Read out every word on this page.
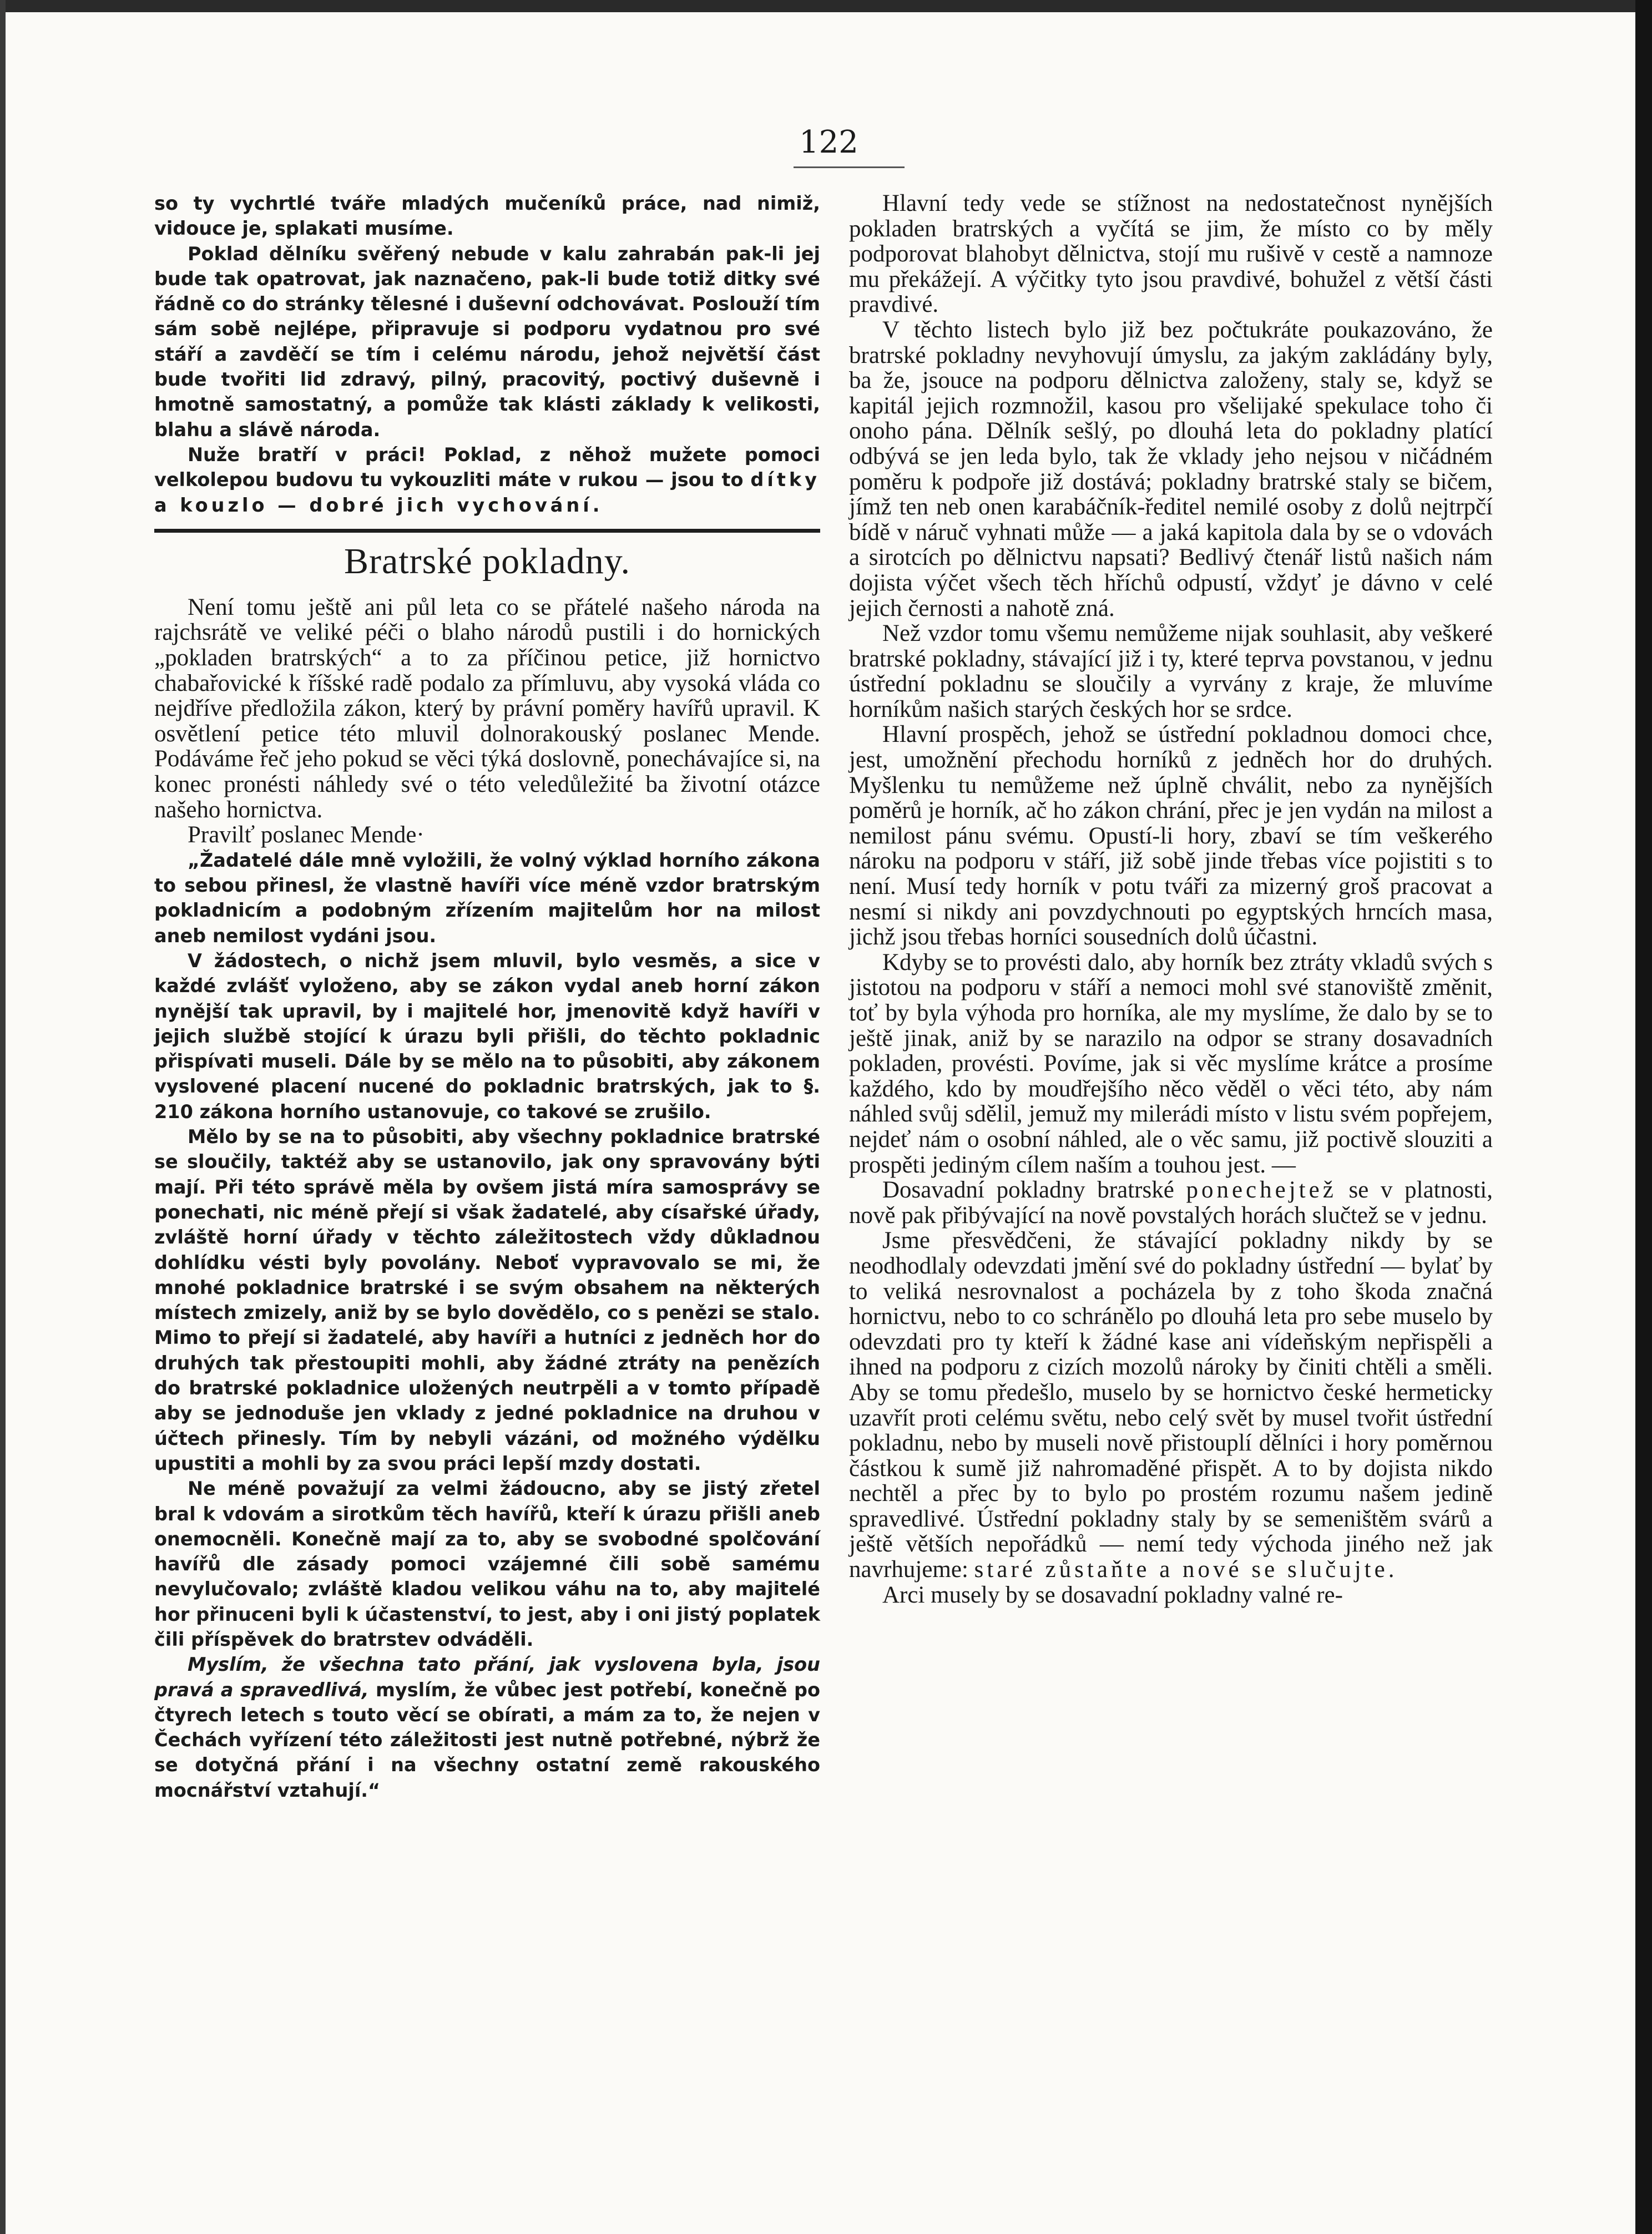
122

so ty vychrtlé tváře mladých mučeníků práce, nad nimiž, vidouce je, splakati musíme.

Poklad dělníku svěřený nebude v kalu zahrabán pak-li jej bude tak opatrovat, jak naznačeno, pak-li bude totiž ditky své řádně co do stránky tělesné i duševní odchovávat. Poslouží tím sám sobě nejlépe, připravuje si podporu vydatnou pro své stáří a zavděčí se tím i celému národu, jehož největší část bude tvořiti lid zdravý, pilný, pracovitý, poctivý duševně i hmotně samostatný, a pomůže tak klásti základy k velikosti, blahu a slávě národa.

Nuže bratří v práci! Poklad, z něhož mužete pomoci velkolepou budovu tu vykouzliti máte v rukou — jsou to dítky a kouzlo — dobré jich vychování.

Bratrské pokladny.

Není tomu ještě ani půl leta co se přátelé našeho národa na rajchsrátě ve veliké péči o blaho národů pustili i do hornických „pokladen bratrských“ a to za příčinou petice, již hornictvo chabařovické k říšské radě podalo za přímluvu, aby vysoká vláda co nejdříve předložila zákon, který by právní poměry havířů upravil. K osvětlení petice této mluvil dolnorakouský poslanec Mende. Podáváme řeč jeho pokud se věci týká doslovně, ponechávajíce si, na konec pronésti náhledy své o této veledůležité ba životní otázce našeho hornictva.

Pravilť poslanec Mende·

„Žadatelé dále mně vyložili, že volný výklad horního zákona to sebou přinesl, že vlastně havíři více méně vzdor bratrským pokladnicím a podobným zřízením majitelům hor na milost aneb nemilost vydáni jsou.

V žádostech, o nichž jsem mluvil, bylo vesměs, a sice v každé zvlášť vyloženo, aby se zákon vydal aneb horní zákon nynější tak upravil, by i majitelé hor, jmenovitě když havíři v jejich službě stojící k úrazu byli přišli, do těchto pokladnic přispívati museli. Dále by se mělo na to působiti, aby zákonem vyslovené placení nucené do pokladnic bratrských, jak to §. 210 zákona horního ustanovuje, co takové se zrušilo.

Mělo by se na to působiti, aby všechny pokladnice bratrské se sloučily, taktéž aby se ustanovilo, jak ony spravovány býti mají. Při této správě měla by ovšem jistá míra samosprávy se ponechati, nic méně přejí si však žadatelé, aby císařské úřady, zvláště horní úřady v těchto záležitostech vždy důkladnou dohlídku vésti byly povolány. Neboť vypravovalo se mi, že mnohé pokladnice bratrské i se svým obsahem na některých místech zmizely, aniž by se bylo dovědělo, co s penězi se stalo. Mimo to přejí si žadatelé, aby havíři a hutníci z jedněch hor do druhých tak přestoupiti mohli, aby žádné ztráty na penězích do bratrské pokladnice uložených neutrpěli a v tomto případě aby se jednoduše jen vklady z jedné pokladnice na druhou v účtech přinesly. Tím by nebyli vázáni, od možného výdělku upustiti a mohli by za svou práci lepší mzdy dostati.

Ne méně považují za velmi žádoucno, aby se jistý zřetel bral k vdovám a sirotkům těch havířů, kteří k úrazu přišli aneb onemocněli. Konečně mají za to, aby se svobodné spolčování havířů dle zásady pomoci vzájemné čili sobě samému nevylučovalo; zvláště kladou velikou váhu na to, aby majitelé hor přinuceni byli k účastenství, to jest, aby i oni jistý poplatek čili příspěvek do bratrstev odváděli.

Myslím, že všechna tato přání, jak vyslovena byla, jsou pravá a spravedlivá, myslím, že vůbec jest potřebí, konečně po čtyrech letech s touto věcí se obírati, a mám za to, že nejen v Čechách vyřízení této záležitosti jest nutně potřebné, nýbrž že se dotyčná přání i na všechny ostatní země rakouského mocnářství vztahují.“

Hlavní tedy vede se stížnost na nedostatečnost nynějších pokladen bratrských a vyčítá se jim, že místo co by měly podporovat blahobyt dělnictva, stojí mu rušivě v cestě a namnoze mu překážejí. A výčitky tyto jsou pravdivé, bohužel z větší části pravdivé.

V těchto listech bylo již bez počtukráte poukazováno, že bratrské pokladny nevyhovují úmyslu, za jakým zakládány byly, ba že, jsouce na podporu dělnictva založeny, staly se, když se kapitál jejich rozmnožil, kasou pro všelijaké spekulace toho či onoho pána. Dělník sešlý, po dlouhá leta do pokladny platící odbývá se jen leda bylo, tak že vklady jeho nejsou v ničádném poměru k podpoře již dostává; pokladny bratrské staly se bičem, jímž ten neb onen karabáčník-ředitel nemilé osoby z dolů nejtrpčí bídě v náruč vyhnati může — a jaká kapitola dala by se o vdovách a sirotcích po dělnictvu napsati? Bedlivý čtenář listů našich nám dojista výčet všech těch hříchů odpustí, vždyť je dávno v celé jejich černosti a nahotě zná.

Než vzdor tomu všemu nemůžeme nijak souhlasit, aby veškeré bratrské pokladny, stávající již i ty, které teprva povstanou, v jednu ústřední pokladnu se sloučily a vyrvány z kraje, že mluvíme horníkům našich starých českých hor se srdce.

Hlavní prospěch, jehož se ústřední pokladnou domoci chce, jest, umožnění přechodu horníků z jedněch hor do druhých. Myšlenku tu nemůžeme než úplně chválit, nebo za nynějších poměrů je horník, ač ho zákon chrání, přec je jen vydán na milost a nemilost pánu svému. Opustí-li hory, zbaví se tím veškerého nároku na podporu v stáří, již sobě jinde třebas více pojistiti s to není. Musí tedy horník v potu tváři za mizerný groš pracovat a nesmí si nikdy ani povzdychnouti po egyptských hrncích masa, jichž jsou třebas horníci sousedních dolů účastni.

Kdyby se to provésti dalo, aby horník bez ztráty vkladů svých s jistotou na podporu v stáří a nemoci mohl své stanoviště změnit, toť by byla výhoda pro horníka, ale my myslíme, že dalo by se to ještě jinak, aniž by se narazilo na odpor se strany dosavadních pokladen, provésti. Povíme, jak si věc myslíme krátce a prosíme každého, kdo by moudřejšího něco věděl o věci této, aby nám náhled svůj sdělil, jemuž my milerádi místo v listu svém popřejem, nejdeť nám o osobní náhled, ale o věc samu, již poctivě slouziti a prospěti jediným cílem naším a touhou jest. —

Dosavadní pokladny bratrské ponechejtež se v platnosti, nově pak přibývající na nově povstalých horách slučtež se v jednu.

Jsme přesvědčeni, že stávající pokladny nikdy by se neodhodlaly odevzdati jmění své do pokladny ústřední — bylať by to veliká nesrovnalost a pocházela by z toho škoda značná hornictvu, nebo to co schránělo po dlouhá leta pro sebe muselo by odevzdati pro ty kteří k žádné kase ani vídeňským nepřispěli a ihned na podporu z cizích mozolů nároky by činiti chtěli a směli. Aby se tomu předešlo, muselo by se hornictvo české hermeticky uzavřít proti celému světu, nebo celý svět by musel tvořit ústřední pokladnu, nebo by museli nově přistouplí dělníci i hory poměrnou částkou k sumě již nahromaděné přispět. A to by dojista nikdo nechtěl a přec by to bylo po prostém rozumu našem jedině spravedlivé. Ústřední pokladny staly by se semeništěm svárů a ještě větších nepořádků — nemí tedy východa jiného než jak navrhujeme: staré zůstaňte a nové se slučujte.

Arci musely by se dosavadní pokladny valné re-
